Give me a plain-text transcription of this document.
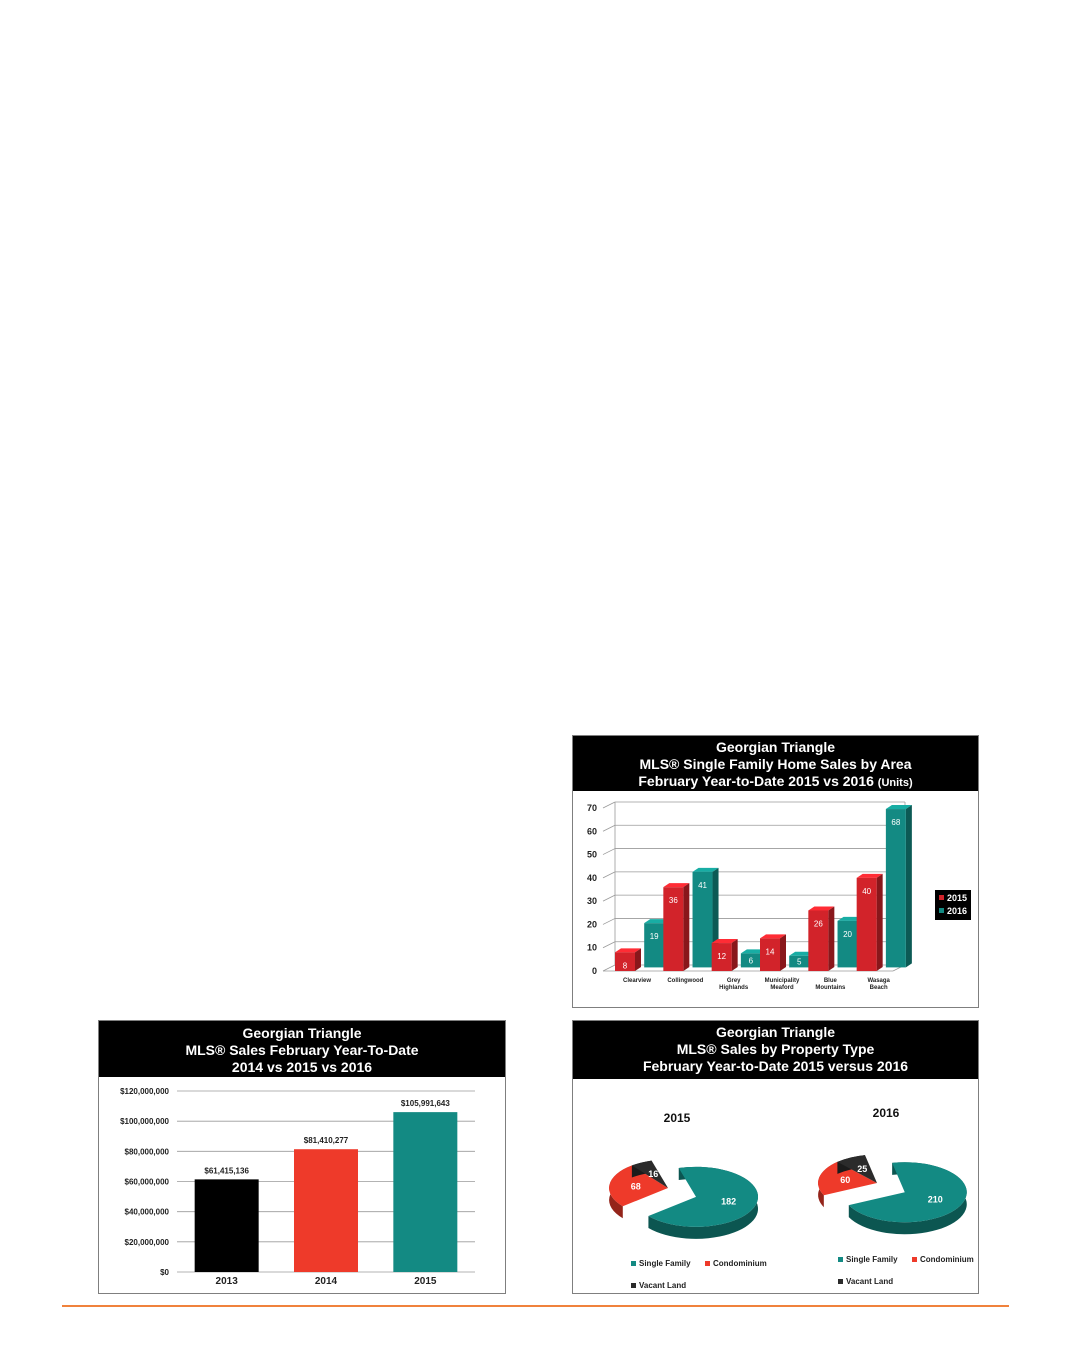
Georgian Triangle
MLS® Single Family Home Sales by Area
February Year-to-Date 2015 vs 2016 (Units)
0
10
20
30
40
50
60
70
8
19
Clearview
36
41
Collingwood
12	6
Grey Highlands
14
5
Municipality Meaford
26
20
Blue Mountains
40
68
Wasaga Beach
2015
2016
Georgian Triangle
MLS® Sales February Year-To-Date
2014 vs 2015 vs 2016
$0
$20,000,000
$40,000,000
$60,000,000
$80,000,000
$100,000,000
$120,000,000
$61,415,136
2013
$81,410,277
2014
$105,991,643
2015
Georgian Triangle
MLS® Sales by Property Type
February Year-to-Date 2015 versus 2016
2015
182
68
16
Single Family	Condominium
Vacant Land
2016
210
60
25
Single Family	Condominium
Vacant Land
